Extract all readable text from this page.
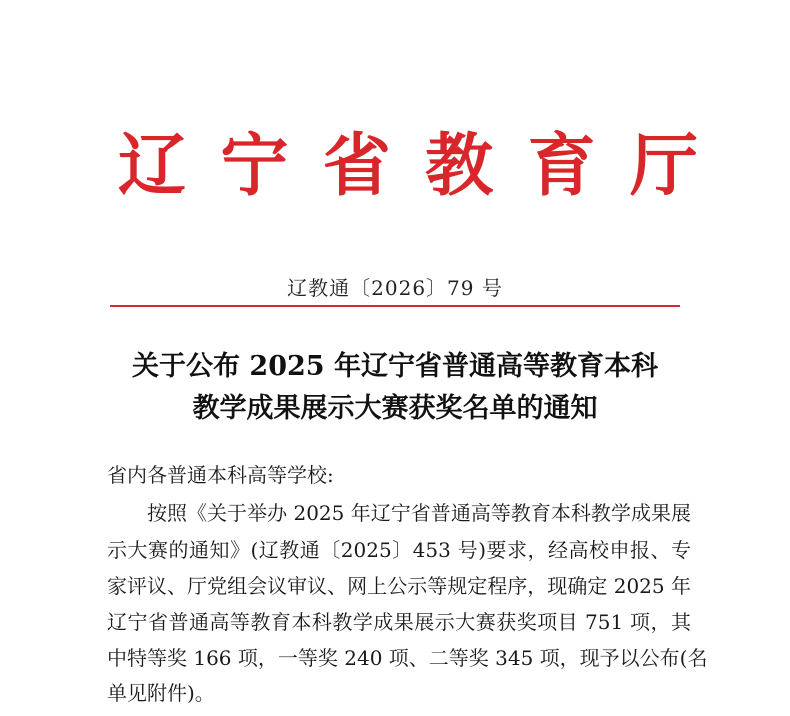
辽 宁 省 教 育 厅
辽教通〔2026〕79 号
关于公布 2025 年辽宁省普通高等教育本科
教学成果展示大赛获奖名单的通知
省内各普通本科高等学校:
按照《关于举办 2025 年辽宁省普通高等教育本科教学成果展
示大赛的通知》(辽教通〔2025〕453 号)要求，经高校申报、专
家评议、厅党组会议审议、网上公示等规定程序，现确定 2025 年
辽宁省普通高等教育本科教学成果展示大赛获奖项目 751 项，其
中特等奖 166 项，一等奖 240 项、二等奖 345 项，现予以公布(名
单见附件)。
